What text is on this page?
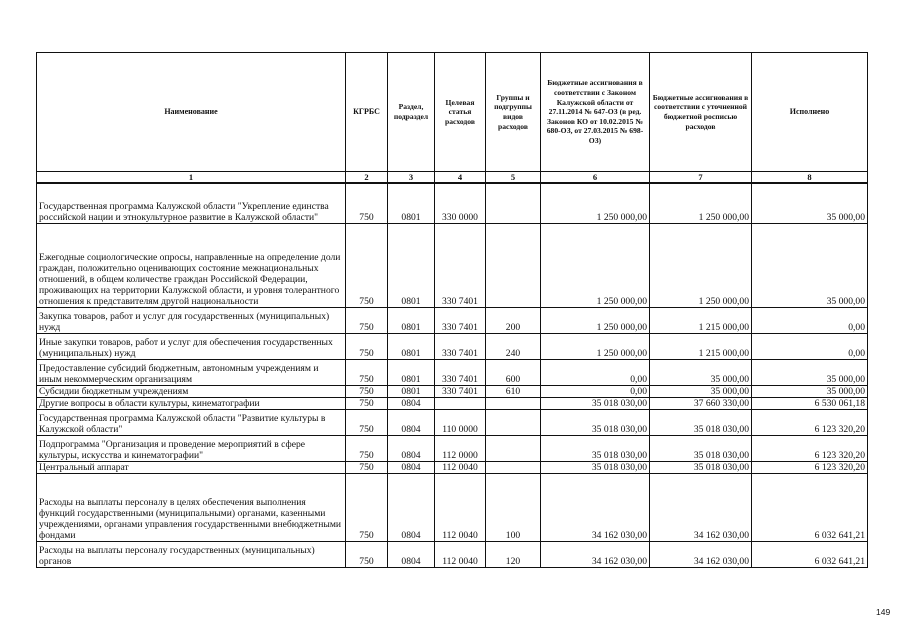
Наименование	КГРБС	Раздел, подраздел	Целевая статья расходов	Группы и подгруппы видов расходов	Бюджетные ассигнования в соответствии с Законом Калужской области от 27.11.2014 № 647-ОЗ (в ред. Законов КО от 10.02.2015 № 680-ОЗ, от 27.03.2015 № 698-ОЗ)	Бюджетные ассигнования в соответствии с уточненной бюджетной росписью расходов	Исполнено
1	2	3	4	5	6	7	8
Государственная программа Калужской области "Укрепление единства российской нации и этнокультурное развитие в Калужской области"	750	0801	330 0000		1 250 000,00	1 250 000,00	35 000,00
Ежегодные социологические опросы, направленные на определение доли граждан, положительно оценивающих состояние межнациональных отношений, в общем количестве граждан Российской Федерации, проживающих на территории Калужской области, и уровня толерантного отношения к представителям другой национальности	750	0801	330 7401		1 250 000,00	1 250 000,00	35 000,00
Закупка товаров, работ и услуг для государственных (муниципальных) нужд	750	0801	330 7401	200	1 250 000,00	1 215 000,00	0,00
Иные закупки товаров, работ и услуг для обеспечения государственных (муниципальных) нужд	750	0801	330 7401	240	1 250 000,00	1 215 000,00	0,00
Предоставление субсидий бюджетным, автономным учреждениям и иным некоммерческим организациям	750	0801	330 7401	600	0,00	35 000,00	35 000,00
Субсидии бюджетным учреждениям	750	0801	330 7401	610	0,00	35 000,00	35 000,00
Другие вопросы в области культуры, кинематографии	750	0804			35 018 030,00	37 660 330,00	6 530 061,18
Государственная программа Калужской области "Развитие культуры в Калужской области"	750	0804	110 0000		35 018 030,00	35 018 030,00	6 123 320,20
Подпрограмма "Организация и проведение мероприятий в сфере культуры, искусства и кинематографии"	750	0804	112 0000		35 018 030,00	35 018 030,00	6 123 320,20
Центральный аппарат	750	0804	112 0040		35 018 030,00	35 018 030,00	6 123 320,20
Расходы на выплаты персоналу в целях обеспечения выполнения функций государственными (муниципальными) органами, казенными учреждениями, органами управления государственными внебюджетными фондами	750	0804	112 0040	100	34 162 030,00	34 162 030,00	6 032 641,21
Расходы на выплаты персоналу государственных (муниципальных) органов	750	0804	112 0040	120	34 162 030,00	34 162 030,00	6 032 641,21
149
